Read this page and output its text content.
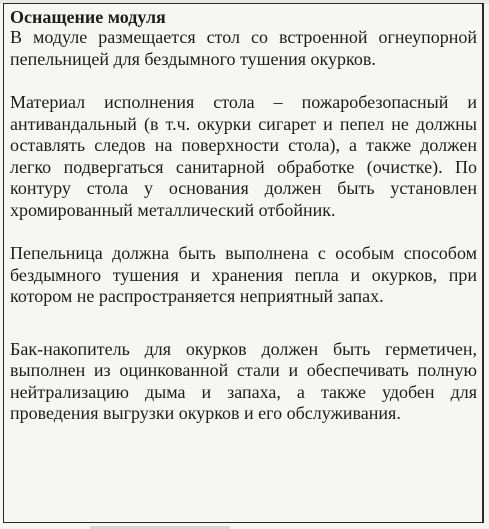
Оснащение модуля

В модуле размещается стол со встроенной огнеупорной пепельницей для бездымного тушения окурков.

Материал исполнения стола – пожаробезопасный и антивандальный (в т.ч. окурки сигарет и пепел не должны оставлять следов на поверхности стола), а также должен легко подвергаться санитарной обработке (очистке). По контуру стола у основания должен быть установлен хромированный металлический отбойник.

Пепельница должна быть выполнена с особым способом бездымного тушения и хранения пепла и окурков, при котором не распространяется неприятный запах.

Бак-накопитель для окурков должен быть герметичен, выполнен из оцинкованной стали и обеспечивать полную нейтрализацию дыма и запаха, а также удобен для проведения выгрузки окурков и его обслуживания.
